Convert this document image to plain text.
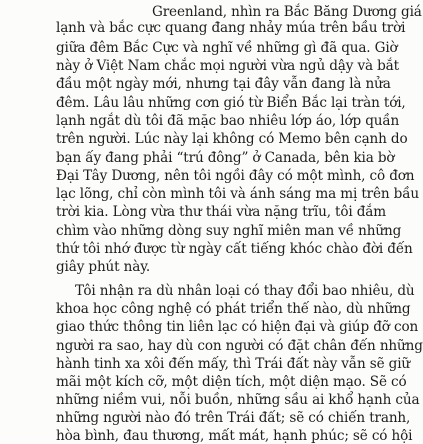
Greenland, nhìn ra Bắc Băng Dương giá
lạnh và bắc cực quang đang nhảy múa trên bầu trời
giữa đêm Bắc Cực và nghĩ về những gì đã qua. Giờ
này ở Việt Nam chắc mọi người vừa ngủ dậy và bắt
đầu một ngày mới, nhưng tại đây vẫn đang là nửa
đêm. Lâu lâu những cơn gió từ Biển Bắc lại tràn tới,
lạnh ngắt dù tôi đã mặc bao nhiêu lớp áo, lớp quần
trên người. Lúc này lại không có Memo bên cạnh do
bạn ấy đang phải “trú đông” ở Canada, bên kia bờ
Đại Tây Dương, nên tôi ngồi đây có một mình, cô đơn
lạc lõng, chỉ còn mình tôi và ánh sáng ma mị trên bầu
trời kia. Lòng vừa thư thái vừa nặng trĩu, tôi đắm
chìm vào những dòng suy nghĩ miên man về những
thứ tôi nhớ được từ ngày cất tiếng khóc chào đời đến
giây phút này.
Tôi nhận ra dù nhân loại có thay đổi bao nhiêu, dù
khoa học công nghệ có phát triển thế nào, dù những
giao thức thông tin liên lạc có hiện đại và giúp đỡ con
người ra sao, hay dù con người có đặt chân đến những
hành tinh xa xôi đến mấy, thì Trái đất này vẫn sẽ giữ
mãi một kích cỡ, một diện tích, một diện mạo. Sẽ có
những niềm vui, nỗi buồn, những sầu ai khổ hạnh của
những người nào đó trên Trái đất; sẽ có chiến tranh,
hòa bình, đau thương, mất mát, hạnh phúc; sẽ có hội
